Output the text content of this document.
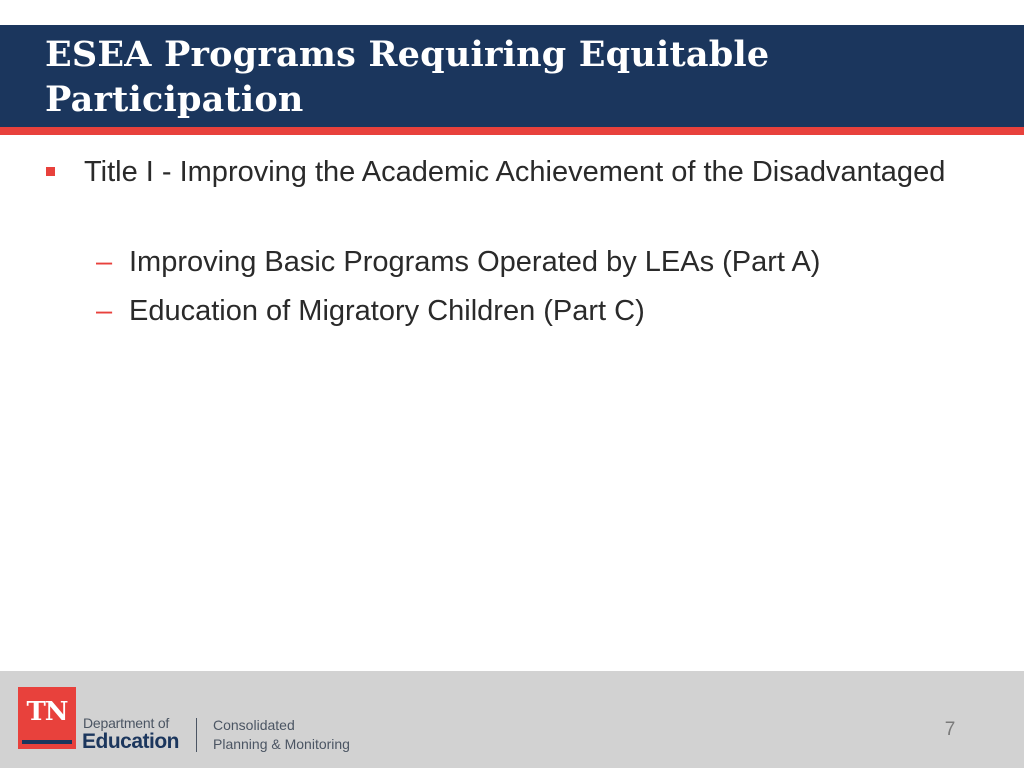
ESEA Programs Requiring Equitable Participation
Title I - Improving the Academic Achievement of the Disadvantaged
– Improving Basic Programs Operated by LEAs (Part A)
– Education of Migratory Children (Part C)
TN	Department of
Education
Consolidated
Planning & Monitoring
7
